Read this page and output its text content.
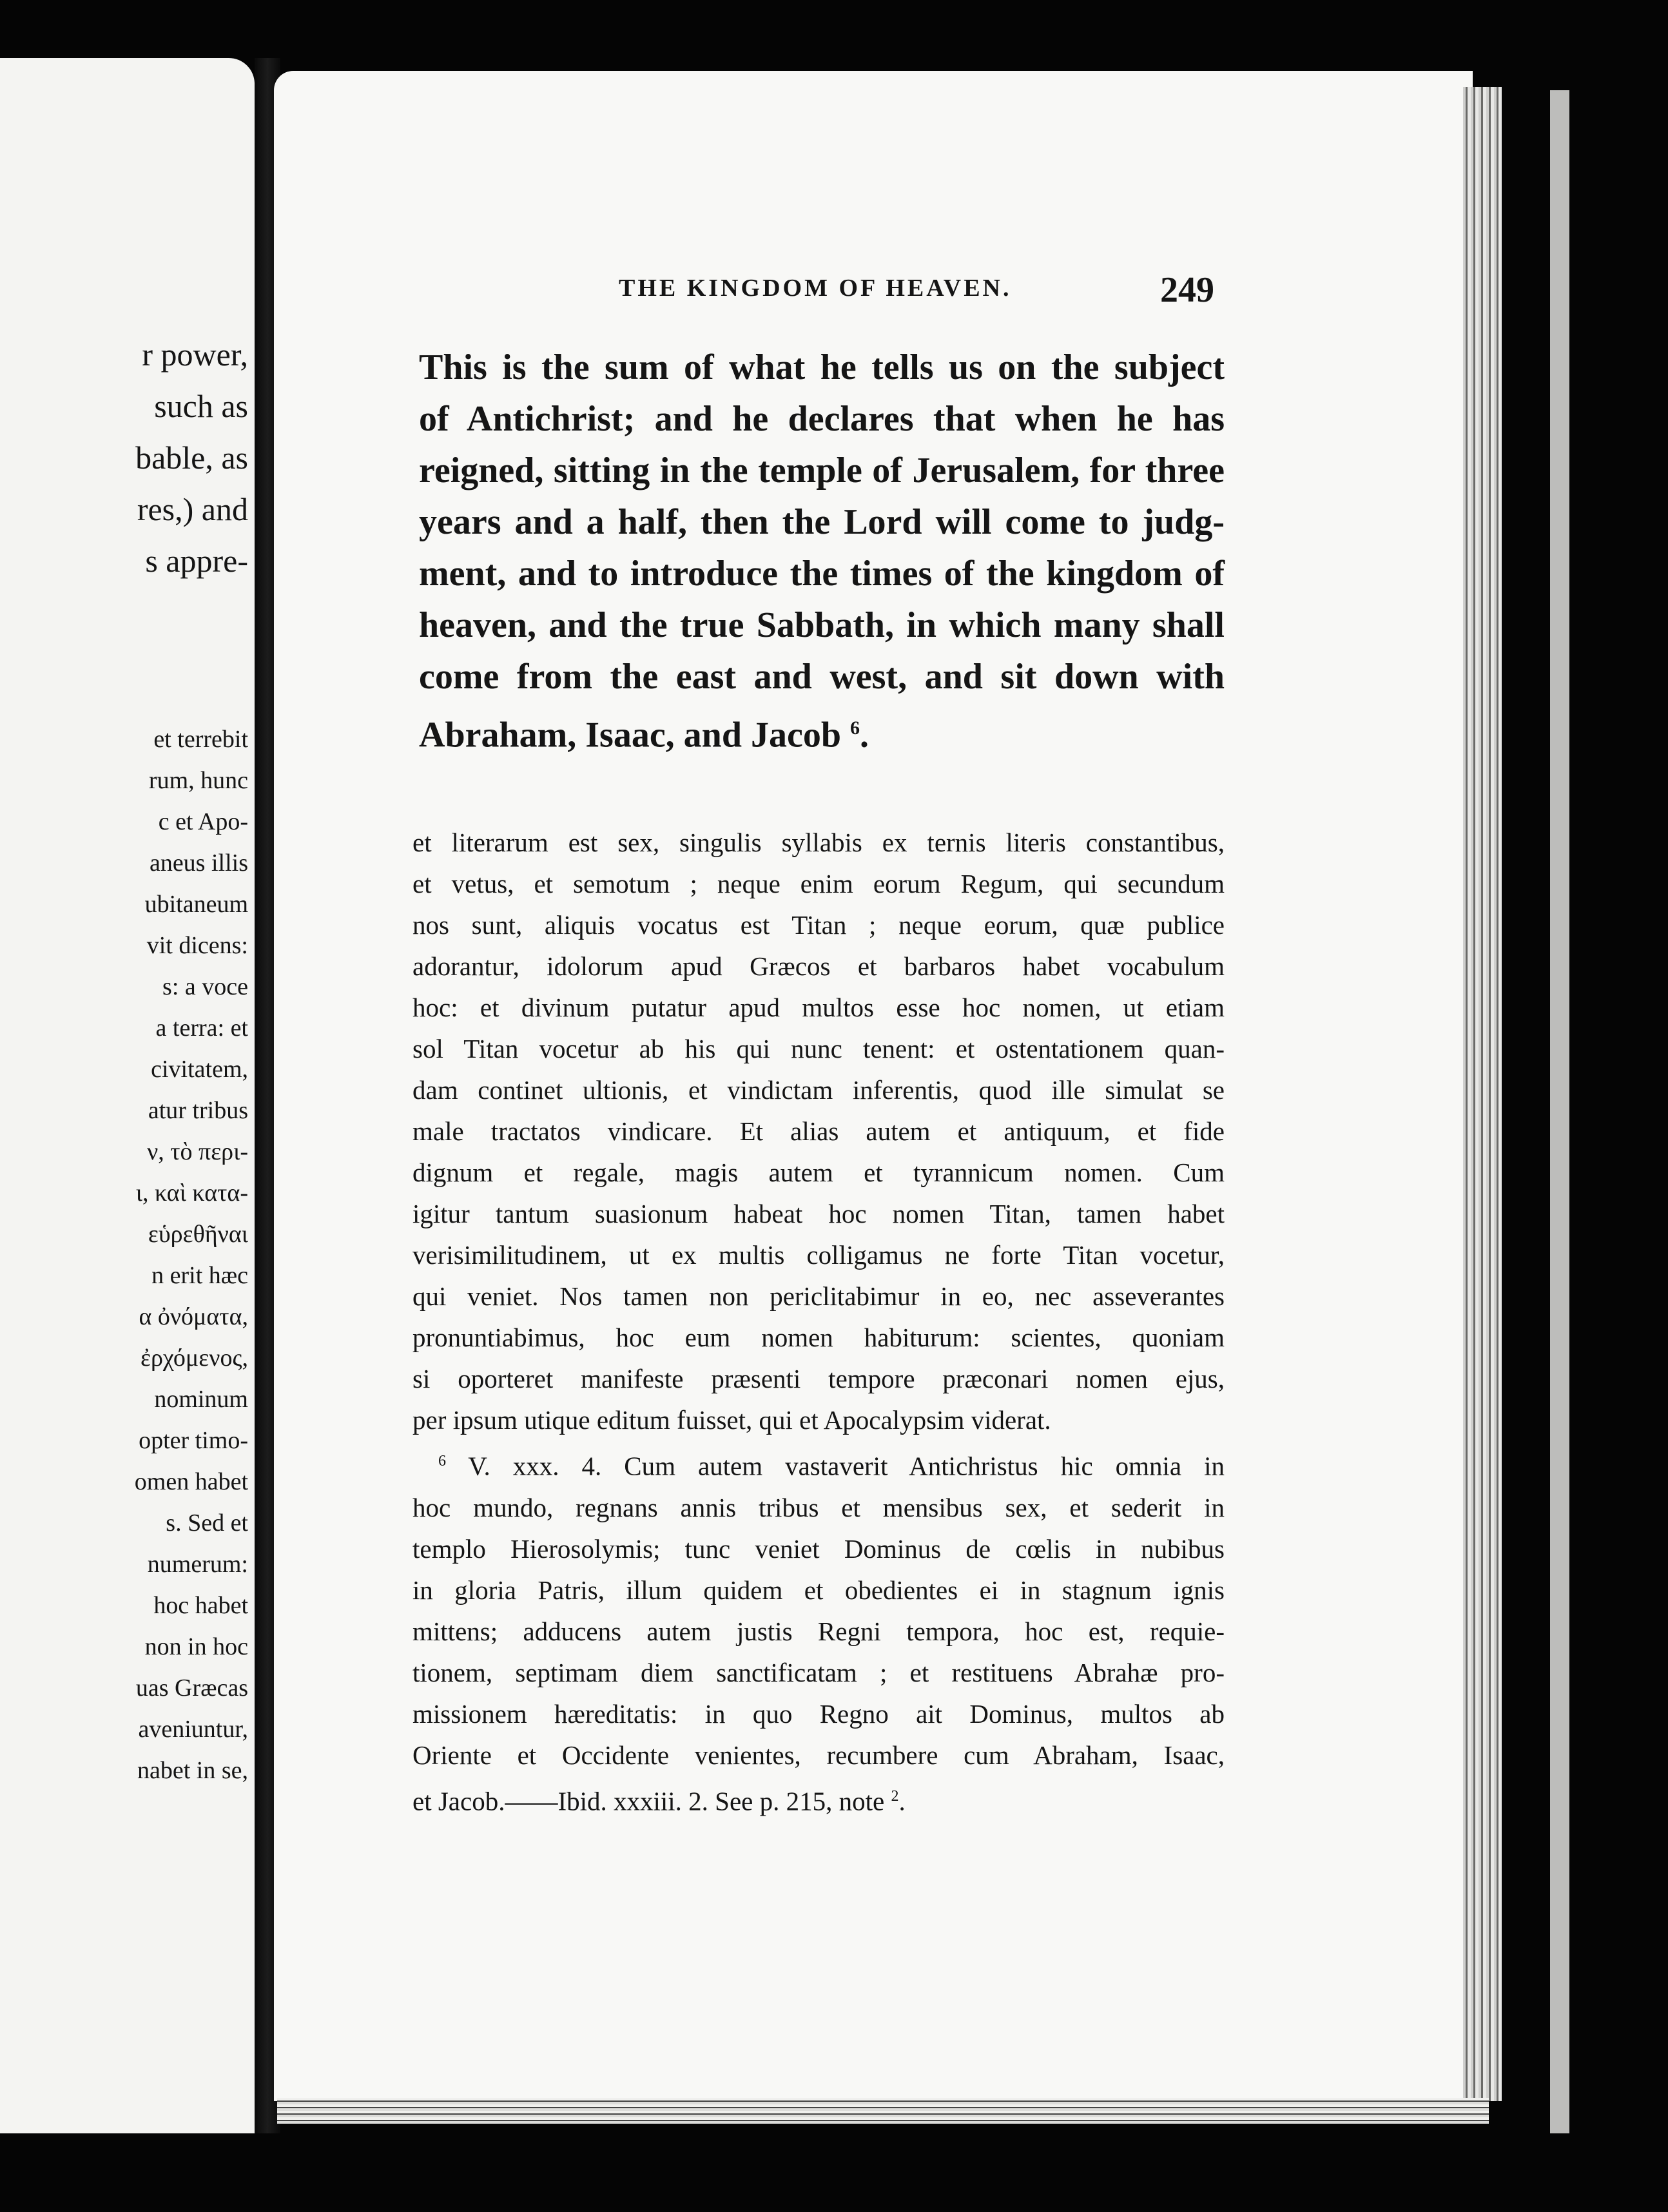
r power,
such as
bable, as
res,) and
s appre-
et terrebit
rum, hunc
c et Apo-
aneus illis
ubitaneum
vit dicens:
s: a voce
a terra: et
civitatem,
atur tribus
ν, τὸ περι-
ι, καὶ κατα-
εὑρεθῆναι
n erit hæc
α ὀνόματα,
ἐρχόμενος,
nominum
opter timo-
omen habet
s. Sed et
numerum:
hoc habet
non in hoc
uas Græcas
aveniuntur,
nabet in se,
THE KINGDOM OF HEAVEN.	249
This is the sum of what he tells us on the subject
of Antichrist; and he declares that when he has
reigned, sitting in the temple of Jerusalem, for three
years and a half, then the Lord will come to judg-
ment, and to introduce the times of the kingdom of
heaven, and the true Sabbath, in which many shall
come from the east and west, and sit down with
Abraham, Isaac, and Jacob $^6$.
et literarum est sex, singulis syllabis ex ternis literis constantibus,
et vetus, et semotum ; neque enim eorum Regum, qui secundum
nos sunt, aliquis vocatus est Titan ; neque eorum, quæ publice
adorantur, idolorum apud Græcos et barbaros habet vocabulum
hoc: et divinum putatur apud multos esse hoc nomen, ut etiam
sol Titan vocetur ab his qui nunc tenent: et ostentationem quan-
dam continet ultionis, et vindictam inferentis, quod ille simulat se
male tractatos vindicare. Et alias autem et antiquum, et fide
dignum et regale, magis autem et tyrannicum nomen. Cum
igitur tantum suasionum habeat hoc nomen Titan, tamen habet
verisimilitudinem, ut ex multis colligamus ne forte Titan vocetur,
qui veniet. Nos tamen non periclitabimur in eo, nec asseverantes
pronuntiabimus, hoc eum nomen habiturum: scientes, quoniam
si oporteret manifeste præsenti tempore præconari nomen ejus,
per ipsum utique editum fuisset, qui et Apocalypsim viderat.
$^6$ V. xxx. 4. Cum autem vastaverit Antichristus hic omnia in
hoc mundo, regnans annis tribus et mensibus sex, et sederit in
templo Hierosolymis; tunc veniet Dominus de cœlis in nubibus
in gloria Patris, illum quidem et obedientes ei in stagnum ignis
mittens; adducens autem justis Regni tempora, hoc est, requie-
tionem, septimam diem sanctificatam ; et restituens Abrahæ pro-
missionem hæreditatis: in quo Regno ait Dominus, multos ab
Oriente et Occidente venientes, recumbere cum Abraham, Isaac,
et Jacob.——Ibid. xxxiii. 2. See p. 215, note $^2$.
